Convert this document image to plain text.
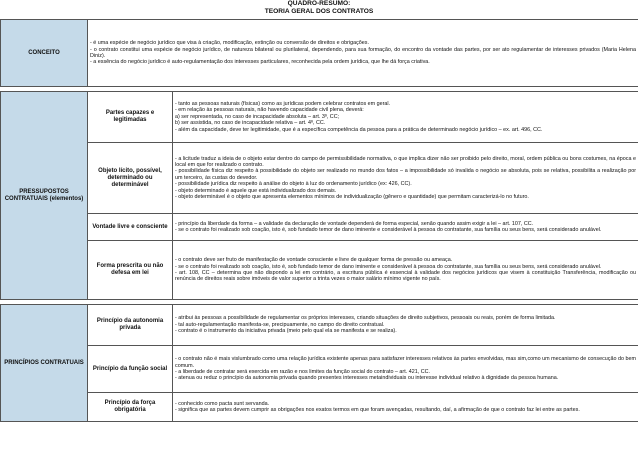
QUADRO-RESUMO:
TEORIA GERAL DOS CONTRATOS
CONCEITO	- é uma espécie de negócio jurídico que visa à criação, modificação, extinção ou conversão de direitos e obrigações.
- o contrato constitui uma espécie de negócio jurídico, de natureza bilateral ou plurilateral, dependendo, para sua formação, do encontro da vontade das partes, por ser ato regulamentar de interesses privados (Maria Helena Diniz).
- a essência do negócio jurídico é auto-regulamentação dos interesses particulares, reconhecida pela ordem jurídica, que lhe dá força criativa.	

PRESSUPOSTOS CONTRATUAIS (elementos)	Partes capazes e legitimadas	- tanto as pessoas naturais (físicas) como as jurídicas podem celebrar contratos em geral.
- em relação às pessoas naturais, não havendo capacidade civil plena, deverá:
a) ser representada, no caso de incapacidade absoluta – art. 3º, CC;
b) ser assistida, no caso de incapacidade relativa – art. 4º, CC.
- além da capacidade, deve ter legitimidade, que é a específica competência da pessoa para a prática de determinado negócio jurídico – ex. art. 496, CC.

	Objeto lícito, possível, determinado ou determinável	- a licitude traduz a ideia de o objeto estar dentro do campo de permissibilidade normativa, o que implica dizer não ser proibido pelo direito, moral, ordem pública ou bons costumes, na época e local em que for realizado o contrato.
- possibilidade física diz respeito à possibilidade do objeto ser realizado no mundo dos fatos – a impossibilidade só invalida o negócio se absoluta, pois se relativa, possibilita a realização por um terceiro, às custas do devedor.
- possibilidade jurídica diz respeito à análise do objeto à luz do ordenamento jurídico (ex: 426, CC).
- objeto determinado é aquele que está individualizado dos demais.
- objeto determinável é o objeto que apresenta elementos mínimos de individualização (gênero e quantidade) que permitam caracterizá-lo no futuro.

	Vontade livre e consciente	- princípio da liberdade da forma – a validade da declaração de vontade dependerá de forma especial, senão quando assim exigir a lei – art. 107, CC.
- se o contrato foi realizado sob coação, isto é, sob fundado temor de dano iminente e considerável à pessoa do contratante, sua família ou seus bens, será considerado anulável.

	Forma prescrita ou não defesa em lei	- o contrato deve ser fruto de manifestação de vontade consciente e livre de qualquer forma de pressão ou ameaça.
- se o contrato foi realizado sob coação, isto é, sob fundado temor de dano iminente e considerável à pessoa do contratante, sua família ou seus bens, será considerado anulável.
- art. 108, CC – determina que não dispondo a lei em contrário, a escritura pública é essencial à validade dos negócios jurídicos que visem à constituição Transferência, modificação ou renúncia de direitos reais sobre imóveis de valor superior a trinta vezes o maior salário mínimo vigente no país.

PRINCÍPIOS CONTRATUAIS	Princípio da autonomia privada	- atribui às pessoas a possibilidade de regulamentar os próprios interesses, criando situações de direito subjetivos, pessoais ou reais, porém de forma limitada.
- tal auto-regulamentação manifesta-se, precipuamente, no campo do direito contratual.
- contrato é o instrumento da iniciativa privada (meio pelo qual ela se manifesta e se realiza).

	Princípio da função social	- o contrato não é mais vislumbrado como uma relação jurídica existente apenas para satisfazer interesses relativos às partes envolvidas, mas sim,como um mecanismo de consecução do bem comum.
- a liberdade de contratar será exercida em razão e nos limites da função social do contrato – art. 421, CC.
- atenua ou reduz o princípio da autonomia privada quando presentes interesses metaindividuais ou interesse individual relativo à dignidade da pessoa humana.

	Princípio da força obrigatória	- conhecido como pacta sunt servanda.
- significa que as partes devem cumprir as obrigações nos exatos termos em que foram avençadas, resultando, daí, a afirmação de que o contrato faz lei entre as partes.
